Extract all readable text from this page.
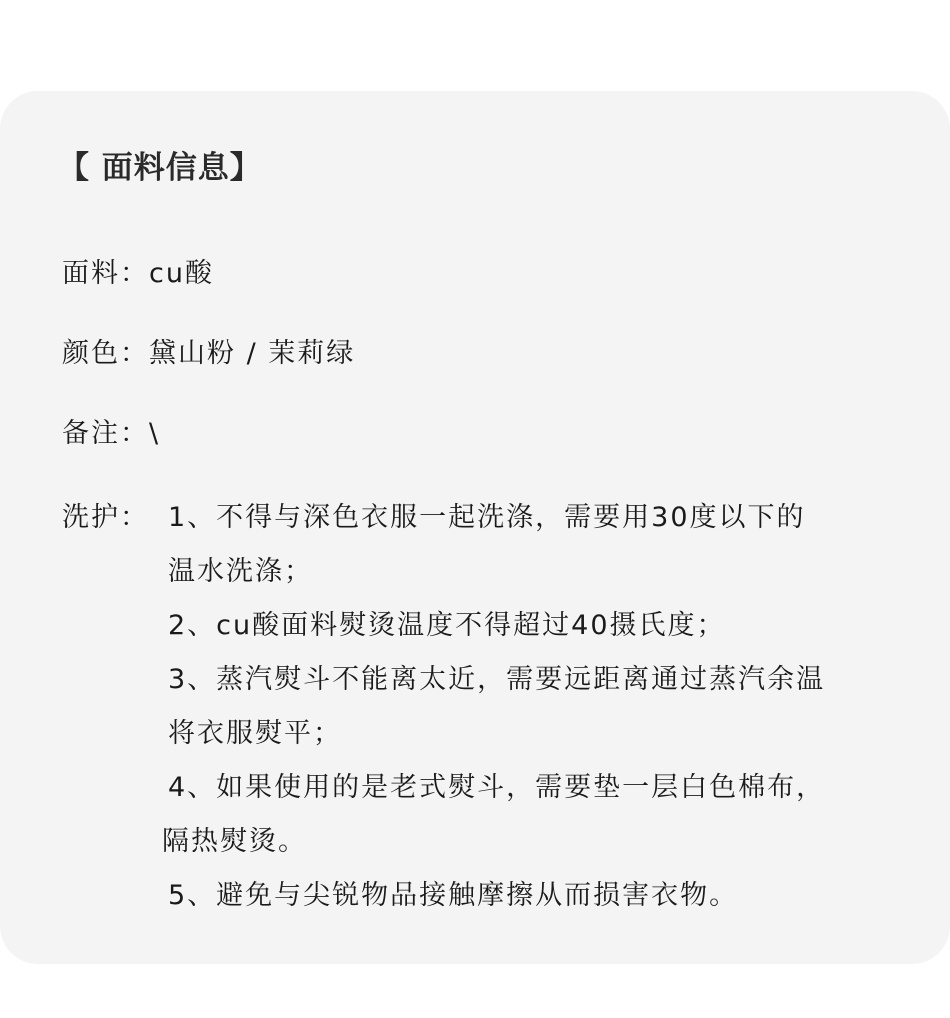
【 面料信息】
面料：cu酸
颜色：黛山粉 / 茉莉绿
备注：\
洗护： 1、不得与深色衣服一起洗涤，需要用30度以下的
温水洗涤；
2、cu酸面料熨烫温度不得超过40摄氏度；
3、蒸汽熨斗不能离太近，需要远距离通过蒸汽余温
将衣服熨平；
4、如果使用的是老式熨斗，需要垫一层白色棉布，
隔热熨烫。
5、避免与尖锐物品接触摩擦从而损害衣物。
